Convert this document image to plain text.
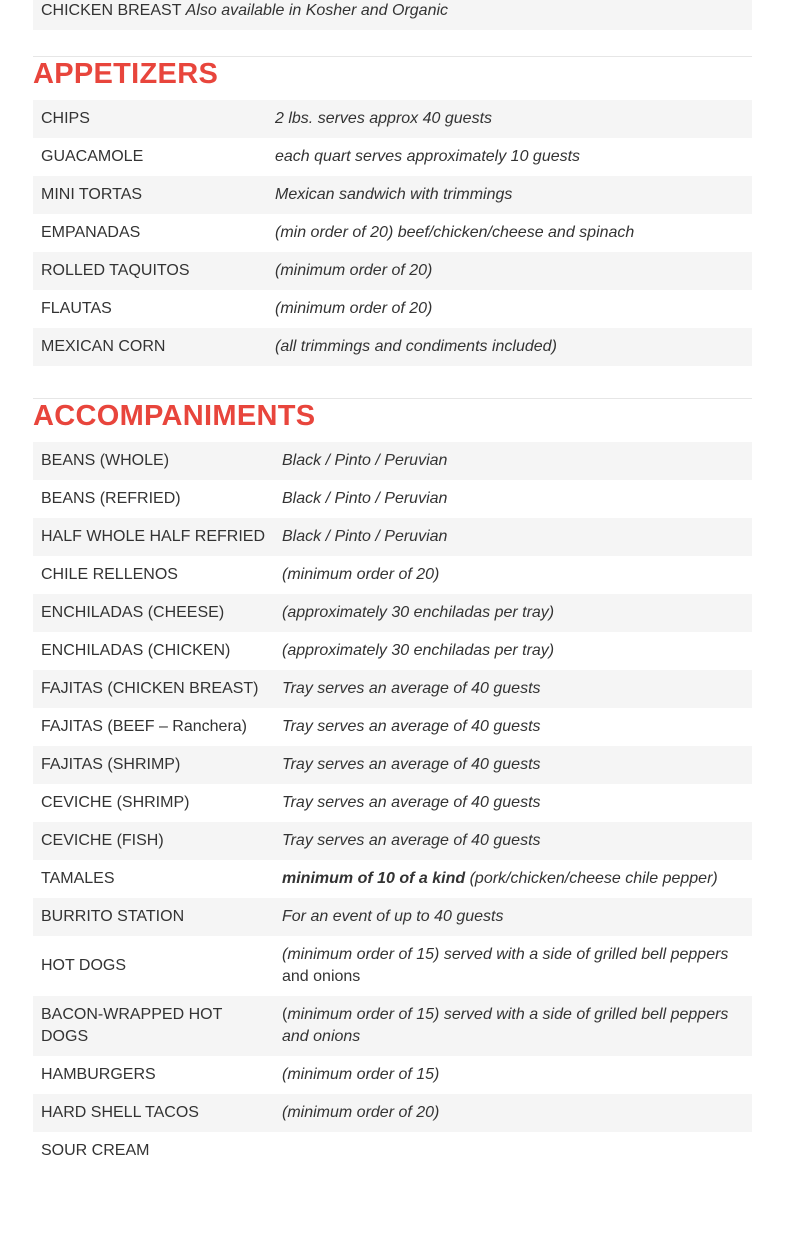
CHICKEN BREAST Also available in Kosher and Organic
APPETIZERS
CHIPS	2 lbs. serves approx 40 guests
GUACAMOLE	each quart serves approximately 10 guests
MINI TORTAS	Mexican sandwich with trimmings
EMPANADAS	(min order of 20) beef/chicken/cheese and spinach
ROLLED TAQUITOS	(minimum order of 20)
FLAUTAS	(minimum order of 20)
MEXICAN CORN	(all trimmings and condiments included)
ACCOMPANIMENTS
BEANS (WHOLE)	Black / Pinto / Peruvian
BEANS (REFRIED)	Black / Pinto / Peruvian
HALF WHOLE HALF REFRIED	Black / Pinto / Peruvian
CHILE RELLENOS	(minimum order of 20)
ENCHILADAS (CHEESE)	(approximately 30 enchiladas per tray)
ENCHILADAS (CHICKEN)	(approximately 30 enchiladas per tray)
FAJITAS (CHICKEN BREAST)	Tray serves an average of 40 guests
FAJITAS (BEEF – Ranchera)	Tray serves an average of 40 guests
FAJITAS (SHRIMP)	Tray serves an average of 40 guests
CEVICHE (SHRIMP)	Tray serves an average of 40 guests
CEVICHE (FISH)	Tray serves an average of 40 guests
TAMALES	minimum of 10 of a kind (pork/chicken/cheese chile pepper)
BURRITO STATION	For an event of up to 40 guests
HOT DOGS	(minimum order of 15) served with a side of grilled bell peppers and onions
BACON-WRAPPED HOT DOGS	(minimum order of 15) served with a side of grilled bell peppers and onions
HAMBURGERS	(minimum order of 15)
HARD SHELL TACOS	(minimum order of 20)
SOUR CREAM	
